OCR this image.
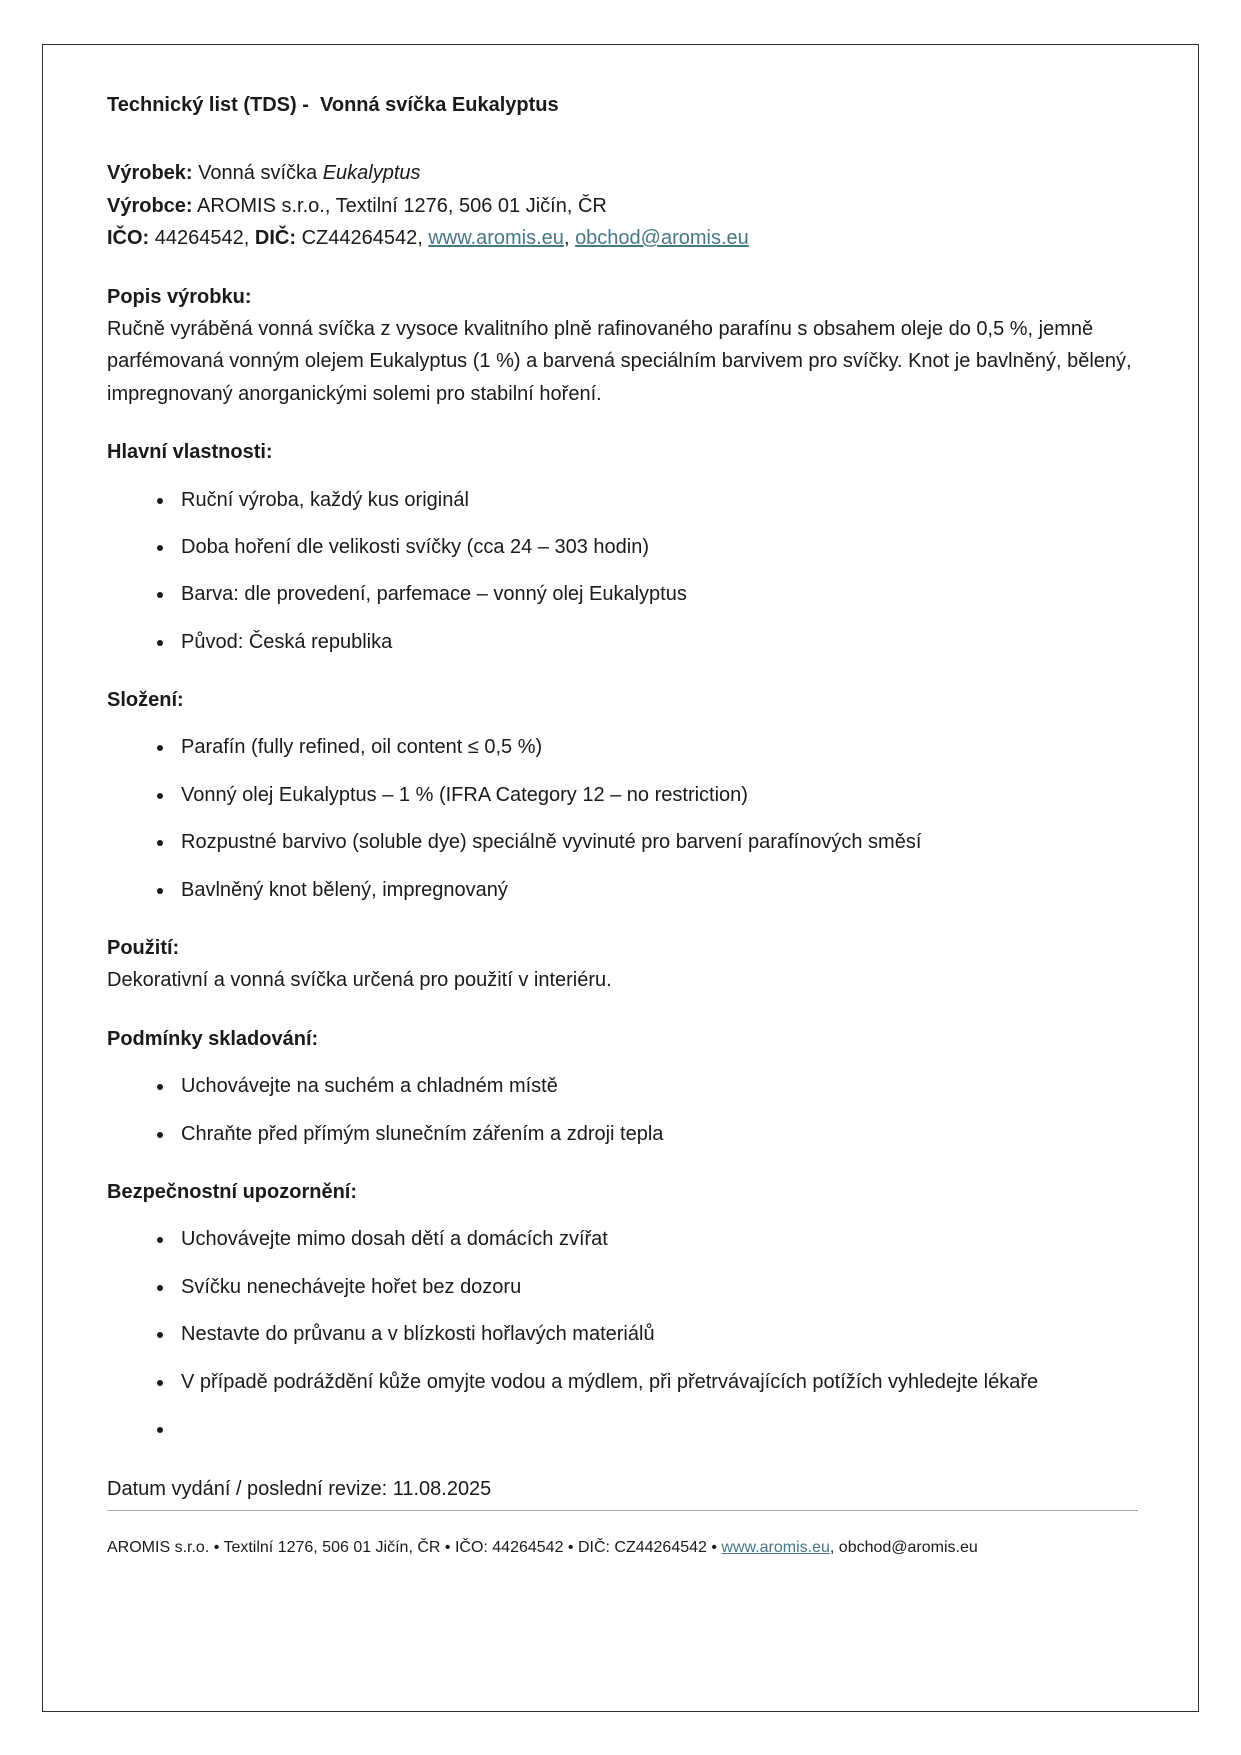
Technický list (TDS) -  Vonná svíčka Eukalyptus

Výrobek: Vonná svíčka Eukalyptus

Výrobce: AROMIS s.r.o., Textilní 1276, 506 01 Jičín, ČR

IČO: 44264542, DIČ: CZ44264542, www.aromis.eu, obchod@aromis.eu

Popis výrobku:

Ručně vyráběná vonná svíčka z vysoce kvalitního plně rafinovaného parafínu s obsahem oleje do 0,5 %, jemně parfémovaná vonným olejem Eukalyptus (1 %) a barvená speciálním barvivem pro svíčky. Knot je bavlněný, bělený, impregnovaný anorganickými solemi pro stabilní hoření.

Hlavní vlastnosti:
• Ruční výroba, každý kus originál
• Doba hoření dle velikosti svíčky (cca 24 – 303 hodin)
• Barva: dle provedení, parfemace – vonný olej Eukalyptus
• Původ: Česká republika
Složení:
• Parafín (fully refined, oil content ≤ 0,5 %)
• Vonný olej Eukalyptus – 1 % (IFRA Category 12 – no restriction)
• Rozpustné barvivo (soluble dye) speciálně vyvinuté pro barvení parafínových směsí
• Bavlněný knot bělený, impregnovaný
Použití:

Dekorativní a vonná svíčka určená pro použití v interiéru.

Podmínky skladování:
• Uchovávejte na suchém a chladném místě
• Chraňte před přímým slunečním zářením a zdroji tepla
Bezpečnostní upozornění:
• Uchovávejte mimo dosah dětí a domácích zvířat
• Svíčku nenechávejte hořet bez dozoru
• Nestavte do průvanu a v blízkosti hořlavých materiálů
• V případě podráždění kůže omyjte vodou a mýdlem, při přetrvávajících potížích vyhledejte lékaře
•

Datum vydání / poslední revize: 11.08.2025

AROMIS s.r.o. • Textilní 1276, 506 01 Jičín, ČR • IČO: 44264542 • DIČ: CZ44264542 • www.aromis.eu, obchod@aromis.eu
